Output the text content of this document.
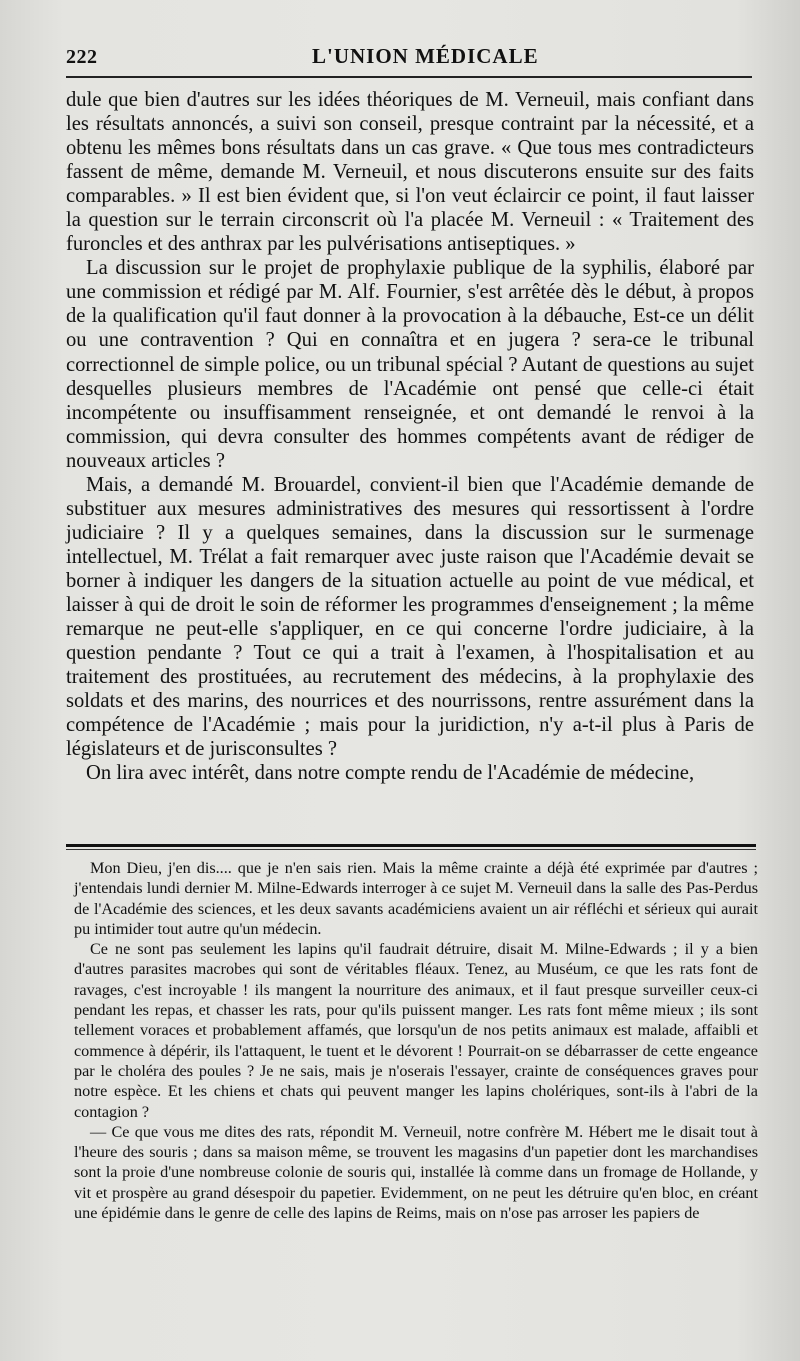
222	L'UNION MÉDICALE

dule que bien d'autres sur les idées théoriques de M. Verneuil, mais confiant dans les résultats annoncés, a suivi son conseil, presque contraint par la nécessité, et a obtenu les mêmes bons résultats dans un cas grave. « Que tous mes contradicteurs fassent de même, demande M. Verneuil, et nous discuterons ensuite sur des faits comparables. » Il est bien évident que, si l'on veut éclaircir ce point, il faut laisser la question sur le terrain circonscrit où l'a placée M. Verneuil : « Traitement des furoncles et des anthrax par les pulvérisations antiseptiques. »

La discussion sur le projet de prophylaxie publique de la syphilis, élaboré par une commission et rédigé par M. Alf. Fournier, s'est arrêtée dès le début, à propos de la qualification qu'il faut donner à la provocation à la débauche, Est-ce un délit ou une contravention ? Qui en connaîtra et en jugera ? sera-ce le tribunal correctionnel de simple police, ou un tribunal spécial ? Autant de questions au sujet desquelles plusieurs membres de l'Académie ont pensé que celle-ci était incompétente ou insuffisamment renseignée, et ont demandé le renvoi à la commission, qui devra consulter des hommes compétents avant de rédiger de nouveaux articles ?

Mais, a demandé M. Brouardel, convient-il bien que l'Académie demande de substituer aux mesures administratives des mesures qui ressortissent à l'ordre judiciaire ? Il y a quelques semaines, dans la discussion sur le surmenage intellectuel, M. Trélat a fait remarquer avec juste raison que l'Académie devait se borner à indiquer les dangers de la situation actuelle au point de vue médical, et laisser à qui de droit le soin de réformer les programmes d'enseignement ; la même remarque ne peut-elle s'appliquer, en ce qui concerne l'ordre judiciaire, à la question pendante ? Tout ce qui a trait à l'examen, à l'hospitalisation et au traitement des prostituées, au recrutement des médecins, à la prophylaxie des soldats et des marins, des nourrices et des nourrissons, rentre assurément dans la compétence de l'Académie ; mais pour la juridiction, n'y a-t-il plus à Paris de législateurs et de jurisconsultes ?

On lira avec intérêt, dans notre compte rendu de l'Académie de médecine,

Mon Dieu, j'en dis.... que je n'en sais rien. Mais la même crainte a déjà été exprimée par d'autres ; j'entendais lundi dernier M. Milne-Edwards interroger à ce sujet M. Verneuil dans la salle des Pas-Perdus de l'Académie des sciences, et les deux savants académiciens avaient un air réfléchi et sérieux qui aurait pu intimider tout autre qu'un médecin.

Ce ne sont pas seulement les lapins qu'il faudrait détruire, disait M. Milne-Edwards ; il y a bien d'autres parasites macrobes qui sont de véritables fléaux. Tenez, au Muséum, ce que les rats font de ravages, c'est incroyable ! ils mangent la nourriture des animaux, et il faut presque surveiller ceux-ci pendant les repas, et chasser les rats, pour qu'ils puissent manger. Les rats font même mieux ; ils sont tellement voraces et probablement affamés, que lorsqu'un de nos petits animaux est malade, affaibli et commence à dépérir, ils l'attaquent, le tuent et le dévorent ! Pourrait-on se débarrasser de cette engeance par le choléra des poules ? Je ne sais, mais je n'oserais l'essayer, crainte de conséquences graves pour notre espèce. Et les chiens et chats qui peuvent manger les lapins cholériques, sont-ils à l'abri de la contagion ?

— Ce que vous me dites des rats, répondit M. Verneuil, notre confrère M. Hébert me le disait tout à l'heure des souris ; dans sa maison même, se trouvent les magasins d'un papetier dont les marchandises sont la proie d'une nombreuse colonie de souris qui, installée là comme dans un fromage de Hollande, y vit et prospère au grand désespoir du papetier. Evidemment, on ne peut les détruire qu'en bloc, en créant une épidémie dans le genre de celle des lapins de Reims, mais on n'ose pas arroser les papiers de
